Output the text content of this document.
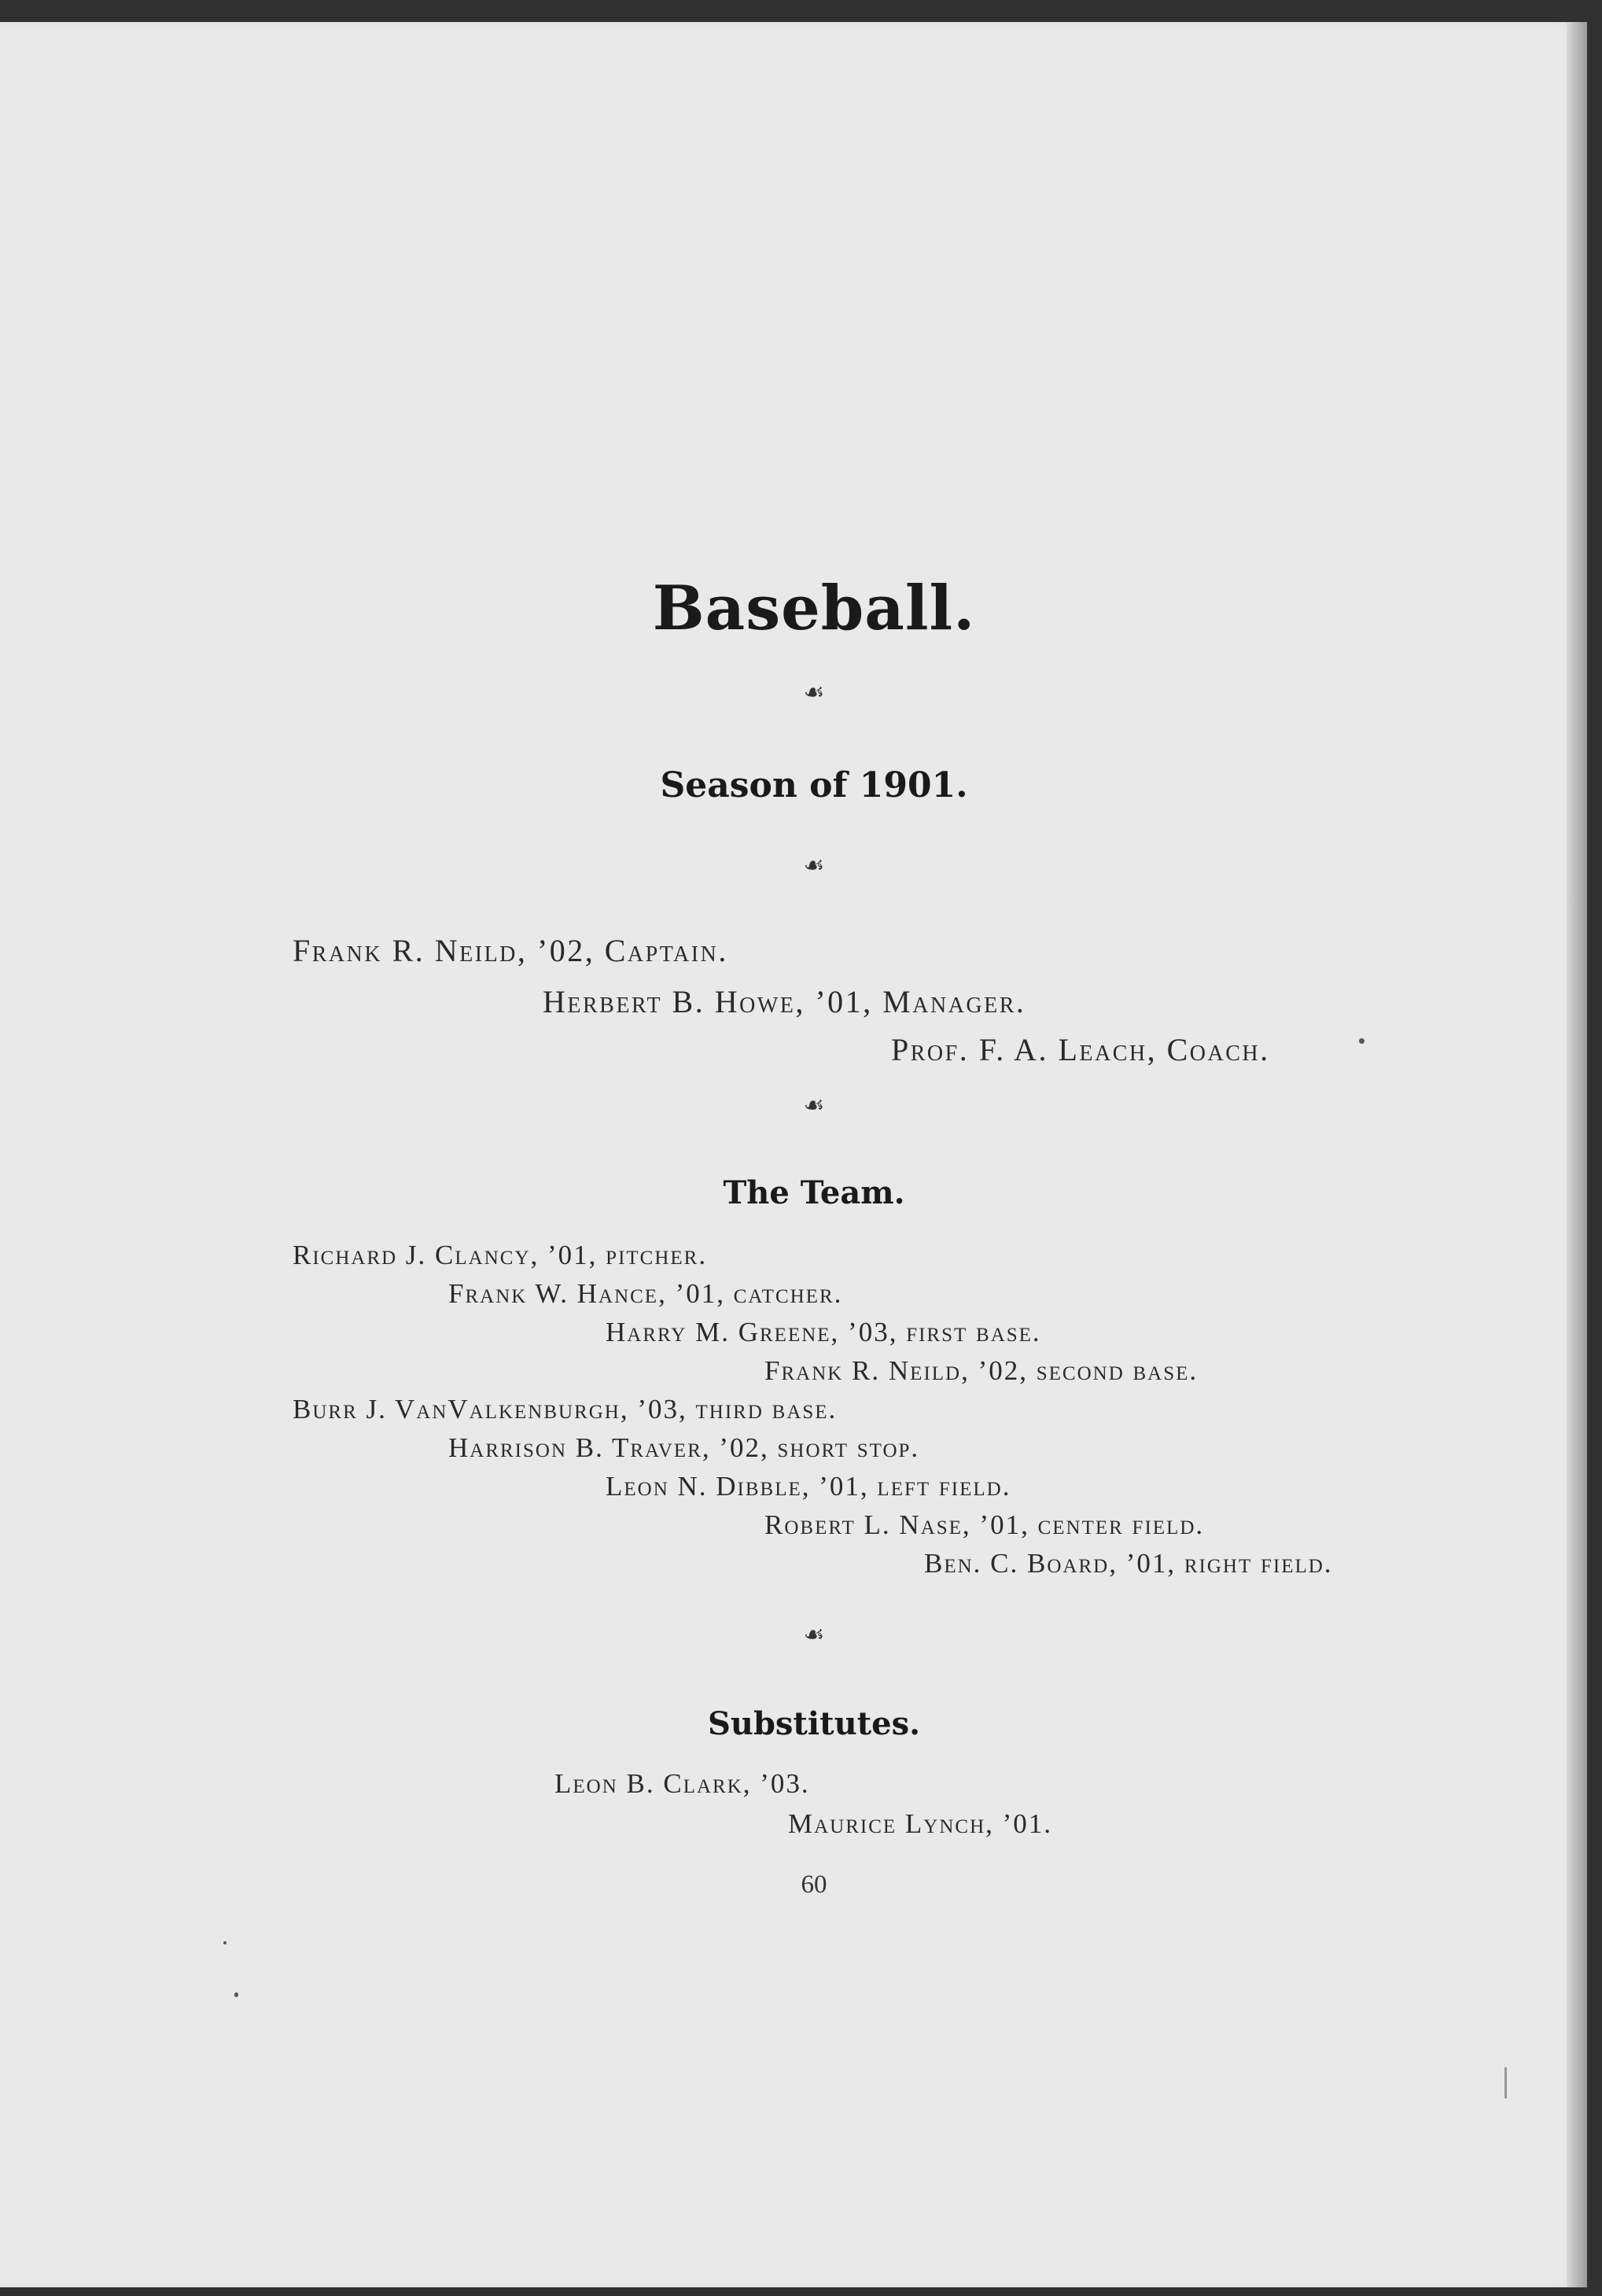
Baseball.
☙
Season of 1901.
☙
Frank R. Neild, ’02, Captain.
Herbert B. Howe, ’01, Manager.
Prof. F. A. Leach, Coach.
☙
The Team.
Richard J. Clancy, ’01, pitcher.
Frank W. Hance, ’01, catcher.
Harry M. Greene, ’03, first base.
Frank R. Neild, ’02, second base.
Burr J. VanValkenburgh, ’03, third base.
Harrison B. Traver, ’02, short stop.
Leon N. Dibble, ’01, left field.
Robert L. Nase, ’01, center field.
Ben. C. Board, ’01, right field.
☙
Substitutes.
Leon B. Clark, ’03.
Maurice Lynch, ’01.
60
